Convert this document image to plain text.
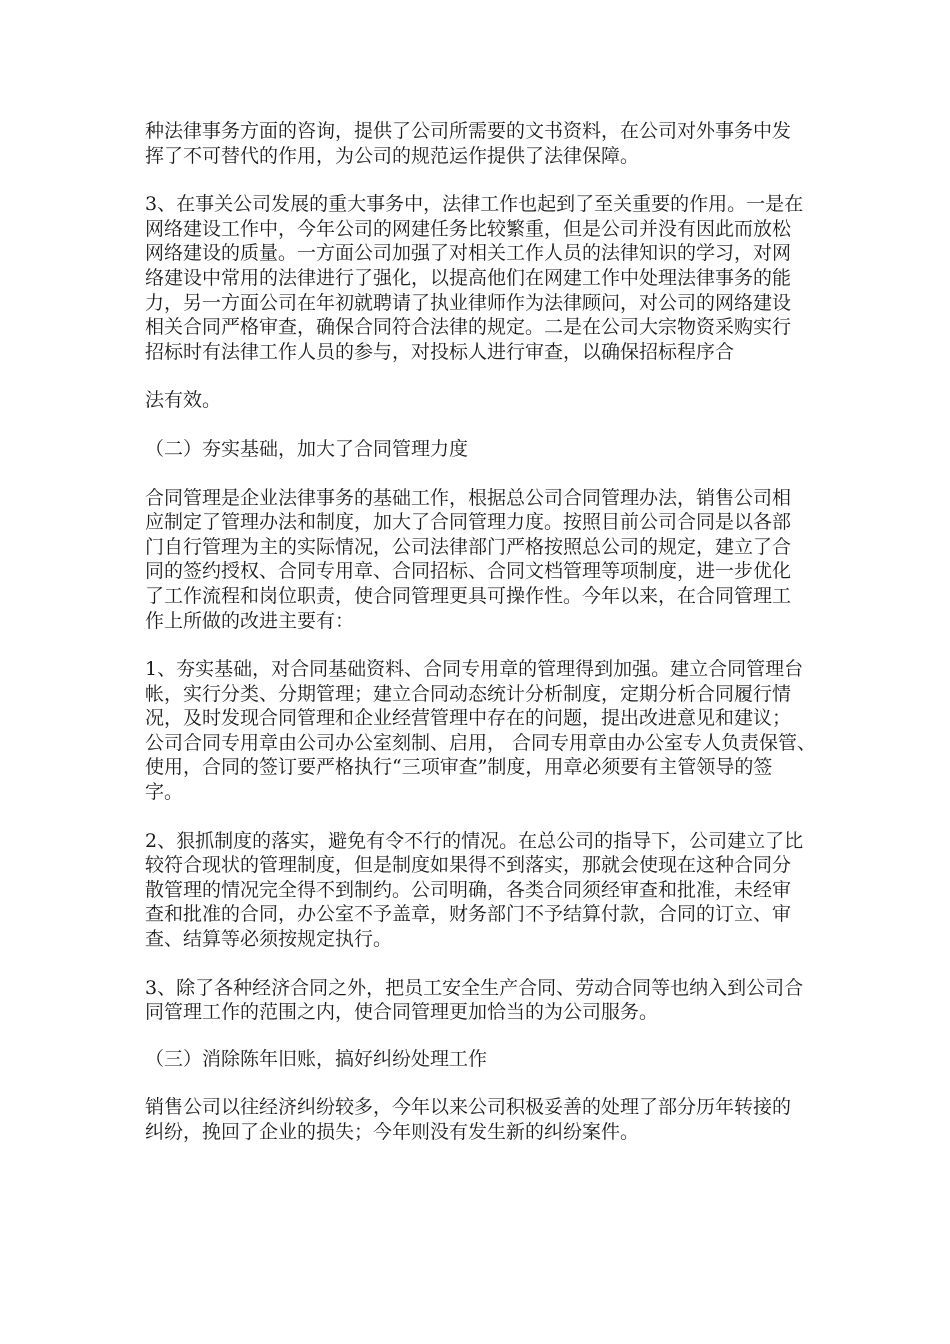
种法律事务方面的咨询，提供了公司所需要的文书资料，在公司对外事务中发
挥了不可替代的作用，为公司的规范运作提供了法律保障。

3、在事关公司发展的重大事务中，法律工作也起到了至关重要的作用。一是在
网络建设工作中，今年公司的网建任务比较繁重，但是公司并没有因此而放松
网络建设的质量。一方面公司加强了对相关工作人员的法律知识的学习，对网
络建设中常用的法律进行了强化，以提高他们在网建工作中处理法律事务的能
力，另一方面公司在年初就聘请了执业律师作为法律顾问，对公司的网络建设
相关合同严格审查，确保合同符合法律的规定。二是在公司大宗物资采购实行
招标时有法律工作人员的参与，对投标人进行审查，以确保招标程序合

法有效。

（二）夯实基础，加大了合同管理力度

合同管理是企业法律事务的基础工作，根据总公司合同管理办法，销售公司相
应制定了管理办法和制度，加大了合同管理力度。按照目前公司合同是以各部
门自行管理为主的实际情况，公司法律部门严格按照总公司的规定，建立了合
同的签约授权、合同专用章、合同招标、合同文档管理等项制度，进一步优化
了工作流程和岗位职责，使合同管理更具可操作性。今年以来，在合同管理工
作上所做的改进主要有：

1、夯实基础，对合同基础资料、合同专用章的管理得到加强。建立合同管理台
帐，实行分类、分期管理；建立合同动态统计分析制度，定期分析合同履行情
况，及时发现合同管理和企业经营管理中存在的问题，提出改进意见和建议；
公司合同专用章由公司办公室刻制、启用， 合同专用章由办公室专人负责保管、
使用，合同的签订要严格执行“三项审查”制度，用章必须要有主管领导的签
字。

2、狠抓制度的落实，避免有令不行的情况。在总公司的指导下，公司建立了比
较符合现状的管理制度，但是制度如果得不到落实，那就会使现在这种合同分
散管理的情况完全得不到制约。公司明确，各类合同须经审查和批准，未经审
查和批准的合同，办公室不予盖章，财务部门不予结算付款，合同的订立、审
查、结算等必须按规定执行。

3、除了各种经济合同之外，把员工安全生产合同、劳动合同等也纳入到公司合
同管理工作的范围之内，使合同管理更加恰当的为公司服务。

（三）消除陈年旧账，搞好纠纷处理工作

销售公司以往经济纠纷较多，今年以来公司积极妥善的处理了部分历年转接的
纠纷，挽回了企业的损失；今年则没有发生新的纠纷案件。
